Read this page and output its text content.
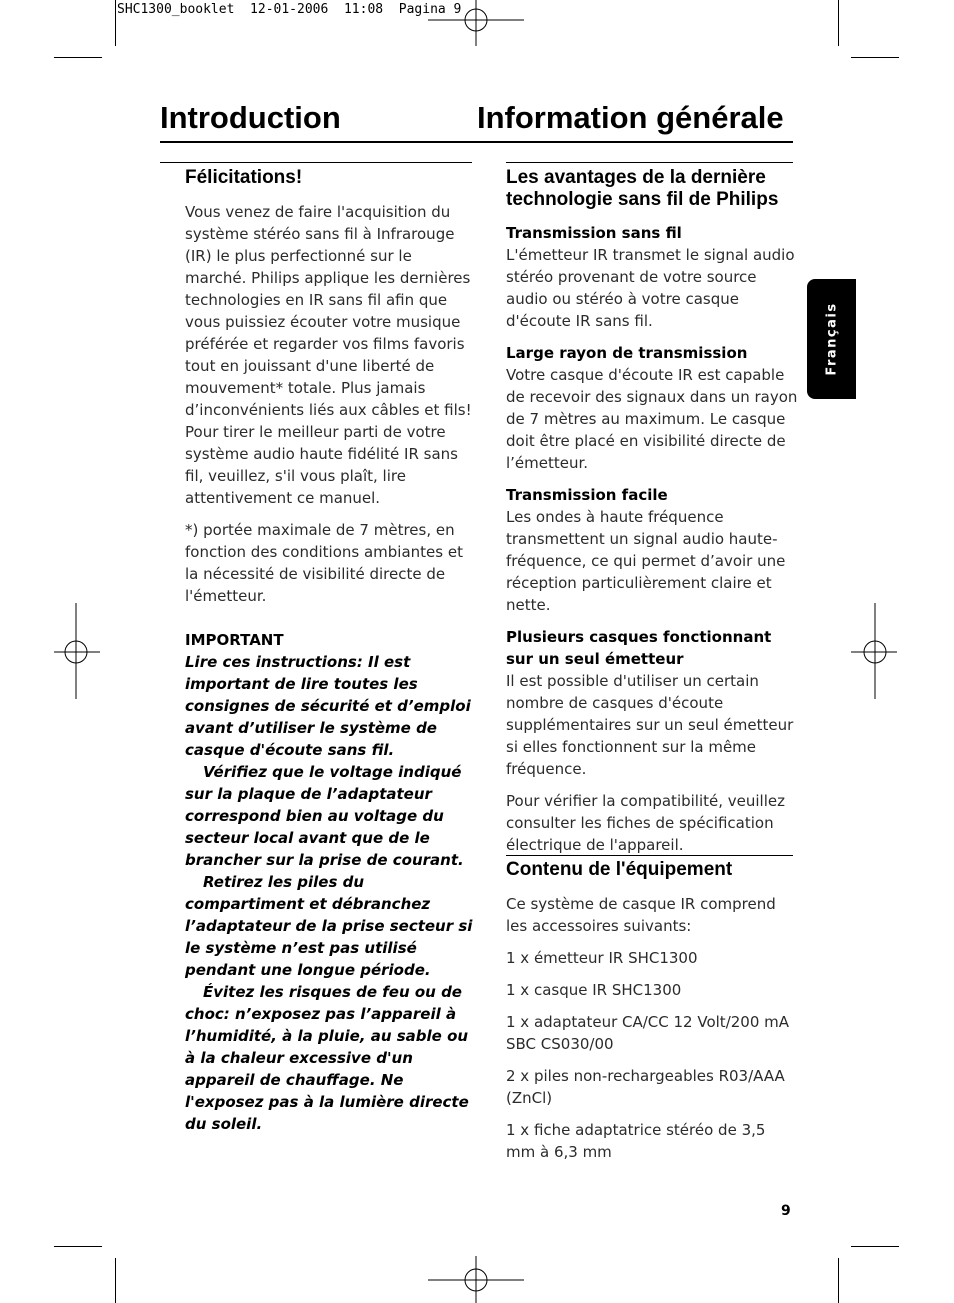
SHC1300_booklet  12-01-2006  11:08  Pagina 9
Introduction	Information générale
Français
Félicitations!

Vous venez de faire l'acquisition du système stéréo sans fil à Infrarouge (IR) le plus perfectionné sur le marché. Philips applique les dernières technologies en IR sans fil afin que vous puissiez écouter votre musique préférée et regarder vos films favoris tout en jouissant d'une liberté de mouvement* totale. Plus jamais d’inconvénients liés aux câbles et fils! Pour tirer le meilleur parti de votre système audio haute fidélité IR sans fil, veuillez, s'il vous plaît, lire attentivement ce manuel.

*) portée maximale de 7 mètres, en fonction des conditions ambiantes et la nécessité de visibilité directe de l'émetteur.

IMPORTANT

Lire ces instructions: Il est important de lire toutes les consignes de sécurité et d’emploi avant d’utiliser le système de casque d'écoute sans fil.

Vérifiez que le voltage indiqué sur la plaque de l’adaptateur correspond bien au voltage du secteur local avant que de le brancher sur la prise de courant.

Retirez les piles du compartiment et débranchez l’adaptateur de la prise secteur si le système n’est pas utilisé pendant une longue période.

Évitez les risques de feu ou de choc: n’exposez pas l’appareil à l’humidité, à la pluie, au sable ou à la chaleur excessive d'un appareil de chauffage. Ne l'exposez pas à la lumière directe du soleil.

Les avantages de la dernière technologie sans fil de Philips
Transmission sans fil

L'émetteur IR transmet le signal audio stéréo provenant de votre source audio ou stéréo à votre casque d'écoute IR sans fil.

Large rayon de transmission

Votre casque d'écoute IR est capable de recevoir des signaux dans un rayon de 7 mètres au maximum. Le casque doit être placé en visibilité directe de l’émetteur.

Transmission facile

Les ondes à haute fréquence transmettent un signal audio haute-fréquence, ce qui permet d’avoir une réception particulièrement claire et nette.

Plusieurs casques fonctionnant sur un seul émetteur

Il est possible d'utiliser un certain nombre de casques d'écoute supplémentaires sur un seul émetteur si elles fonctionnent sur la même fréquence.

Pour vérifier la compatibilité, veuillez consulter les fiches de spécification électrique de l'appareil.

Contenu de l'équipement

Ce système de casque IR comprend les accessoires suivants:

1 x émetteur IR SHC1300

1 x casque IR SHC1300

1 x adaptateur CA/CC 12 Volt/200 mA SBC CS030/00

2 x piles non-rechargeables R03/AAA (ZnCl)

1 x fiche adaptatrice stéréo de 3,5 mm à 6,3 mm

9
